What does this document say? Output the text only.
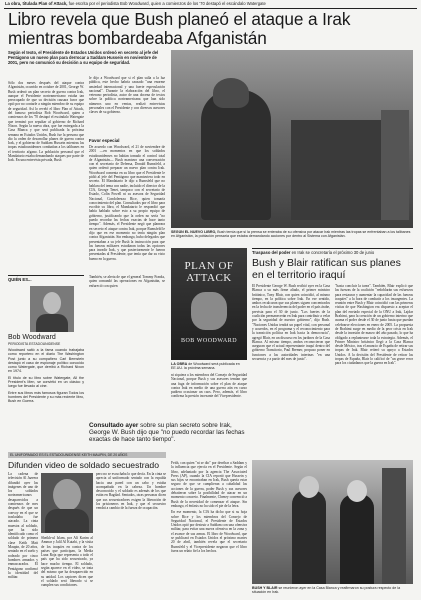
La obra, titulada Plan of Attack, fue escrita por el periodista Bob Woodward, quien a comienzos de los '70 destapó el escándalo Watergate
Libro revela que Bush planeó el ataque a Irak mientras bombardeaba Afganistán
Según el texto, el Presidente de Estados Unidos ordenó en secreto al jefe del Pentágono un nuevo plan para derrocar a Saddam Hussein en noviembre de 2001, pero no comunicó su decisión a su equipo de seguridad.
Sólo dos meses después del ataque contra Afganistán, ocurrido en octubre de 2001, George W. Bush ordenó un plan secreto de guerra contra Irak, aunque el Presidente norteamericano estaba tan preocupado de que su decisión causara furor que optó por no contarle a ningún miembro de su equipo de seguridad. Así lo reveló el libro Plan of Attack, del famoso periodista Bob Woodward, quien a comienzos de los '70 destapó el escándalo Watergate que terminó por sepultar al gobierno de Richard Nixon. Según la nueva obra, que fue entregada a la Casa Blanca y que será publicada la próxima semana en Estados Unidos, Bush fue la persona que dio la orden de desarrollar planes de guerra contra Irak, y el gobierno de Saddam Hussein mientras las tropas estadounidenses combatían a los talibanes en el territorio afgano. La población personal que el Mandatario estaba demandando ataques por parte de Irak. En una entrevista privada, Bush
le dijo a Woodward que si el plan salía a la luz pública, este hecho habría causado "una enorme ansiedad internacional y una fuerte especulación nacional". Durante la elaboración del libro, el veterano periodista, autor de una docena de textos sobre la política norteamericana que han sido números uno en ventas, realizó entrevistas personales con el Presidente y con diversos asesores claves de su gobierno.
Favor especial
De acuerdo con Woodward, el 21 de noviembre de 2001 —en momentos en que los soldados estadounidenses no habían tomado el control total de Afganistán— Bush mantuvo una conversación con el secretario de Defensa, Donald Rumsfeld, a quien ordenó preparar un nuevo plan contra Irak. Woodward comenta en su libro que el Presidente le pidió al jefe del Pentágono que mantuviera todo en secreto. El Mandatario le dijo a Rumsfeld que no hablara del tema con nadie, incluido el director de la CIA, George Tenet, tampoco con el secretario de Estado, Colin Powell ni su asesora de Seguridad Nacional, Condoleezza Rice, quien tomaría conocimiento del plan. Consultados por el libro para escribir su libro, el Mandatario le respondió que había hablado sobre esto a su propio equipo de gobierno, justificando que la orden no sería "no puedo recordar las fechas exactas de hace tanto tiempo". Además, el Presidente negó que planeara en secreto el ataque contra Irak, porque Rumsfeld le dijo que en ese momento no tenía ningún plan contra Afganistán. Sin embargo, hubo delegados que presentaban a su jefe Bush la instrucción para que las fuerzas militares estudiaran todas las opciones para invadir Irak, y que posteriormente le fueron presentadas al Presidente, que tenía que dar su visto bueno en la guerra.
QUIÉN ES...
Bob Woodward
PERIODISTA ESTADOUNIDENSE
Woodward saltó a la fama cuando trabajaba como reportero en el diario The Washington Post junto a su compañero Carl Bernstein destapó el caso de espionaje político conocido como Watergate, que derribó a Richard Nixon en 1974.
El título de su libro sobre Watergate, All the President's Men, se convirtió en un clásico y luego fue llevado al cine.
Entre sus libros más famosos figuran Todos los hombres del Presidente y su más reciente libro, Bush en Guerra.
También, se alerta de que el general Tommy Franks, quien comandó las operaciones en Afganistán, se enfureció con quien
SEGÚN EL NUEVO LIBRO, Bush temía que si la prensa se enteraba de su ofensiva por atacar Irak mientras las tropas se enfrentaban a los talibanes en Afganistán, la población pensaría que estaba demandando acciones por dentro al Sistema con Afganistán.
PLAN OF
ATTACK
BOB WOODWARD
LA OBRA de Woodward será publicada en EE.UU. la próxima semana.
ni siquiera a los miembros del Consejo de Seguridad Nacional, porque Bush y sus asesores temían que una fuga de información sobre el plan de ataque contra Irak en medio de una guerra aún en curso pudiera ocasionar un caos. Pero, además, el libro confirma la presión incesante del Vicepresidente.
Consultado ayer sobre su plan secreto sobre Irak, George W. Bush dijo que "no puedo recordar las fechas exactas de hace tanto tiempo".
Traspaso del poder en Irak se concretaría el próximo 30 de junio
Bush y Blair ratifican sus planes en el territorio iraquí
El Presidente George W. Bush recibió ayer en la Casa Blanca a su más firme aliado, el primer ministro británico, Tony Blair, con quien coincidió, al mismo tiempo, en la política sobre Irak. En ese sentido, ambos recalcaron que sus planes siguen concentrados en la fecha de transferencia del poder en el país árabe, prevista para el 30 de junio. "Los fuertes de la coalición permanecerán en Irak para contribuir a velar por la seguridad de nuestro gobierno", dijo Bush. "Naciones Unidas tendrá un papel vital, con personal y acuerdos, en el programa y el reconocimiento para la transición política en Irak hacia la democracia", agregó Blair, en un discurso en los jardines de la Casa Blanca. Al mismo tiempo, ambos reconocieron que aseguran que el actual representante iraquí dentro del gobierno Transitorio, Paul Bremer, propuso poner en funciones a las autoridades interinas "en una secuencia y a partir del mes de junio".
"hasta concluir la tarea". También, Blair explicó que las fuerzas de la coalición "redoblarán sus esfuerzos para restaurar y aumentar la capacidad de las fuerzas iraquíes" a la hora de combatir a los insurgentes. La reunión entre Bush y Blair coincidió con las primeras visitas de que Washington era dispuesto a aceptar el plan del enviado especial de la ONU a Irak, Lajdar Brahimi, para la creación de un gobierno interino que asuma el poder desde el 30 de junio hasta que puedan celebrarse elecciones en enero de 2005. La propuesta de Brahimi surge en medio de la peor crisis en Irak desde la invasión de marzo del año pasado, lo que ha obligado a replantearse toda la estrategia. Además, el Primer Ministro británico llegó a la Casa Blanca desde México, tras el anuncio de España de retirar sus tropas de Irak. Blair reiteró su apoyo a Estados Unidos. A la decisión del Presidente de retirar las tropas de España, Blair lo calificó de "un grave error para los ciudadanos que la guerra en Irak".
EL UNIFORMADO ES EL ESTADOUNIDENSE KEITH MAUPIN, DE 20 AÑOS
Difunden video de soldado secuestrado
La cadena de televisión Al Jazeera difundió ayer las imágenes de uno de los soldados norteamericanos desaparecidos a comienzos de mes después de que un convoy en el que se trasladaba fue atacado. La cinta muestra al soldado, que ha sido identificado como el soldado de primera clase Keith Matt Maupin, de 20 años, sentado en el suelo y rodeado por cinco hombres armados y enmascarados. El Pentágono confirmó la identidad del militar.
Sheikh-ul Islam, por Alí Karim al Ammar y Jalil Al Kutabi, y la visita de los iraquíes en contra de los países que participan, la Media Luna Roja que representa a todo el país que ha sido secuestrado, ya hace mucho tiempo. El soldado, según aparece en el video, se trata del mismo que ha desaparecido en su unidad. Los captores dicen que el soldado será liberado si se cumplen sus condiciones.
pero no se escuchaba lo que decía. En la cinta se aprecia al uniformado sentado con la espalda hacia una pared con un cabo y estaba acompañado en la cabeza. Un hombre desconocido y el soldado es además de los que están en Bagdad. Sentados, otras personas dicen que sus secuestradores exigen la liberación de los prisioneros en Irak, y que el secuestro vendrá a cambio de la fuerza de ocupación.
Feith, con quien "ni se dio" por derribar a Saddam y la influencia que ejercía en el Presidente. Según el libro, adelantado por la agencia The Associated Press (AP), cuando la CIA reportó que Hussein y sus hijos se encontraban en Irak, Bush quería estar seguro de que se cumplieran a cabalidad las acciones de la guerra, poder Bush y sus asesores debatieron sobre la posibilidad de atacar en un momento concreto. Finalmente, Cheney convenció a Bush de la necesidad de comenzar el ataque. Sin embargo, el énfasis no ha sido el pie de la letra.
En ese momento, la CIA ha dicho que si su hoja sobre Rice y los miembros del Consejo de Seguridad Nacional, el Presidente de Estados Unidos optó por destruir a Saddam con una ofensiva militar, para evitar una nueva ofensiva en la zona y el avance de sus armas. El libro de Woodward, que se publicará en Estados Unidos el próximo martes 20 de abril, también revela que el secretario Rumsfeld y el Vicepresidente negaron que el libro fuera un relato fiel a los hechos.
BUSH Y BLAIR se reunieron ayer en la Casa Blanca y reafirmaron su postura respecto de la situación en Irak.
